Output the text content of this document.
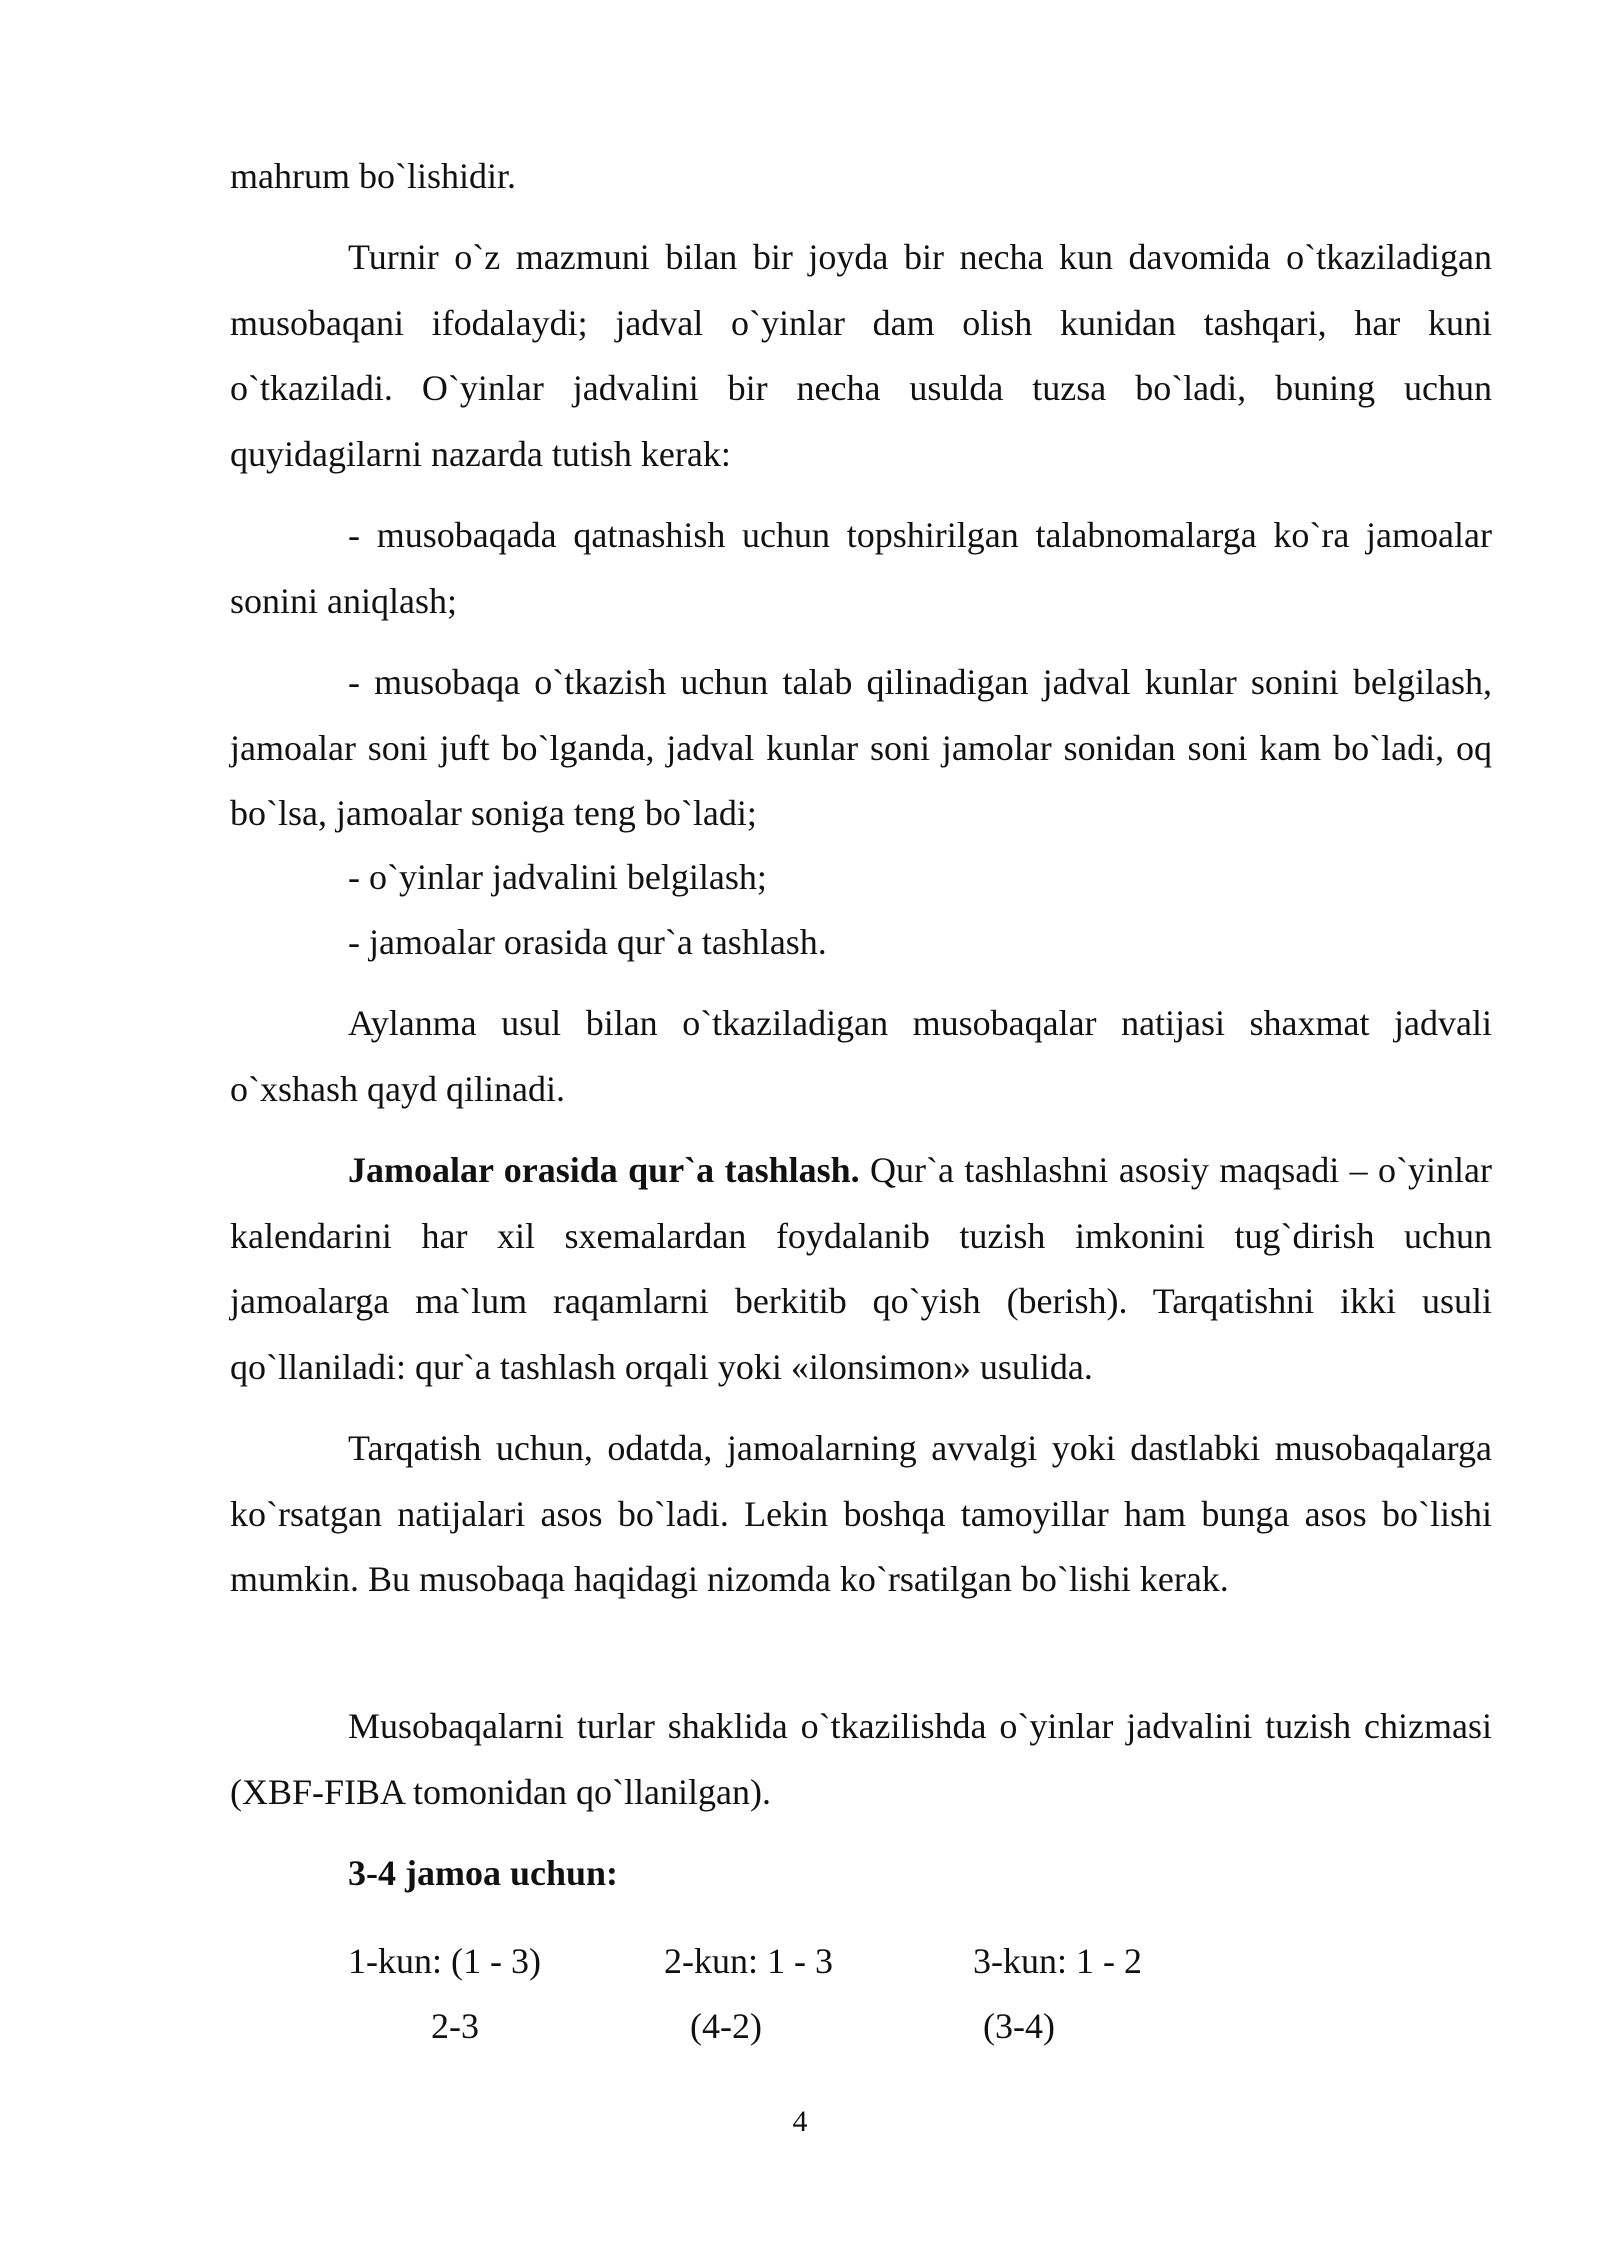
mahrum bo`lishidir.

Turnir o`z mazmuni bilan bir joyda bir necha kun davomida o`tkaziladigan musobaqani ifodalaydi; jadval o`yinlar dam olish kunidan tashqari, har kuni o`tkaziladi. O`yinlar jadvalini bir necha usulda tuzsa bo`ladi, buning uchun quyidagilarni nazarda tutish kerak:

- musobaqada qatnashish uchun topshirilgan talabnomalarga ko`ra jamoalar sonini aniqlash;

- musobaqa o`tkazish uchun talab qilinadigan jadval kunlar sonini belgilash, jamoalar soni juft bo`lganda, jadval kunlar soni jamolar sonidan soni kam bo`ladi, oq bo`lsa, jamoalar soniga teng bo`ladi;

- o`yinlar jadvalini belgilash;

- jamoalar orasida qur`a tashlash.

Aylanma usul bilan o`tkaziladigan musobaqalar natijasi shaxmat jadvali o`xshash qayd qilinadi.

Jamoalar orasida qur`a tashlash. Qur`a tashlashni asosiy maqsadi – o`yinlar kalendarini har xil sxemalardan foydalanib tuzish imkonini tug`dirish uchun jamoalarga ma`lum raqamlarni berkitib qo`yish (berish). Tarqatishni ikki usuli qo`llaniladi: qur`a tashlash orqali yoki «ilonsimon» usulida.

Tarqatish uchun, odatda, jamoalarning avvalgi yoki dastlabki musobaqalarga ko`rsatgan natijalari asos bo`ladi. Lekin boshqa tamoyillar ham bunga asos bo`lishi mumkin. Bu musobaqa haqidagi nizomda ko`rsatilgan bo`lishi kerak.

Musobaqalarni turlar shaklida o`tkazilishda o`yinlar jadvalini tuzish chizmasi (XBF-FIBA tomonidan qo`llanilgan).

3-4 jamoa uchun:

1-kun: (1 - 3)
2-3
2-kun: 1 - 3
(4-2)
3-kun: 1 - 2
(3-4)
4
